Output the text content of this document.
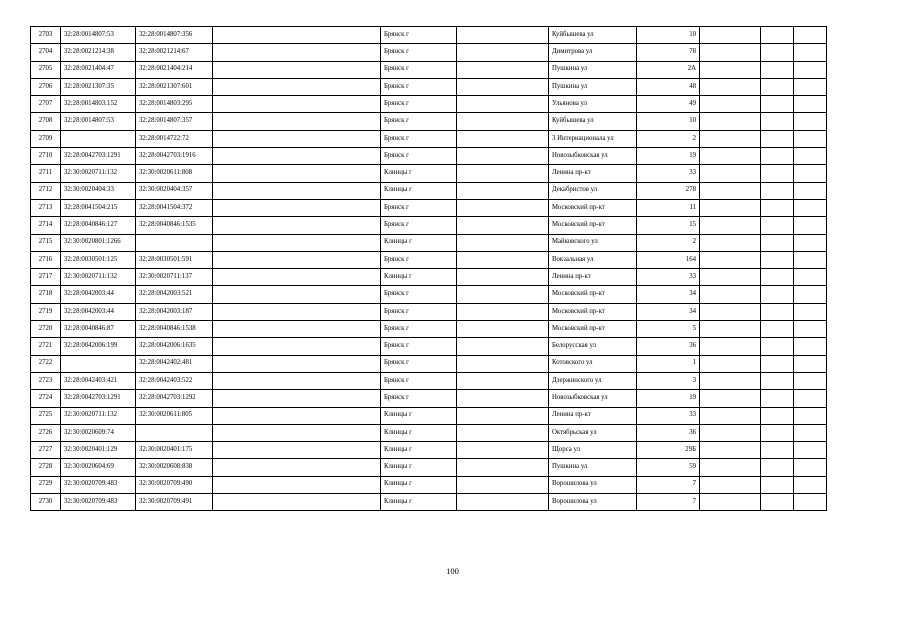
2703	32:28:0014807:53	32:28:0014807:356		Брянск г		Куйбышева ул	10			
2704	32:28:0021214:38	32:28:0021214:67		Брянск г		Димитрова ул	78			
2705	32:28:0021404:47	32:28:0021404:214		Брянск г		Пушкина ул	2А			
2706	32:28:0021307:35	32:28:0021307:601		Брянск г		Пушкина ул	48			
2707	32:28:0014803:152	32:28:0014803:295		Брянск г		Ульянова ул	49			
2708	32:28:0014807:53	32:28:0014807:357		Брянск г		Куйбышева ул	10			
2709		32:28:0014722:72		Брянск г		3 Интернационала ул	2			
2710	32:28:0042703:1291	32:28:0042703:1916		Брянск г		Новозыбковская ул	19			
2711	32:30:0020711:132	32:30:0020611:808		Клинцы г		Ленина пр-кт	33			
2712	32:30:0020404:33	32:30:0020404:357		Клинцы г		Декабристов ул	278			
2713	32:28:0041504:215	32:28:0041504:372		Брянск г		Московский пр-кт	11			
2714	32:28:0040846:127	32:28:0040846:1535		Брянск г		Московский пр-кт	15			
2715	32:30:0020801:1266			Клинцы г		Майковского ул	2			
2716	32:28:0030501:125	32:28:0030501:591		Брянск г		Вокзальная ул	164			
2717	32:30:0020711:132	32:30:0020711:137		Клинцы г		Ленина пр-кт	33			
2718	32:28:0042003:44	32:28:0042003:521		Брянск г		Московский пр-кт	34			
2719	32:28:0042003:44	32:28:0042003:187		Брянск г		Московский пр-кт	34			
2720	32:28:0040846:87	32:28:0040846:1538		Брянск г		Московский пр-кт	5			
2721	32:28:0042006:199	32:28:0042006:1635		Брянск г		Белорусская ул	36			
2722		32:28:0042402:481		Брянск г		Котовского ул	1			
2723	32:28:0042403:421	32:28:0042403:522		Брянск г		Дзержинского ул	3			
2724	32:28:0042703:1291	32:28:0042703:1292		Брянск г		Новозыбковская ул	19			
2725	32:30:0020711:132	32:30:0020611:805		Клинцы г		Ленина пр-кт	33			
2726	32:30:0020609:74			Клинцы г		Октябрьская ул	36			
2727	32:30:0020401:129	32:30:0020401:175		Клинцы г		Щорса ул	29Б			
2728	32:30:0020604:69	32:30:0020608:838		Клинцы г		Пушкина ул	59			
2729	32:30:0020709:483	32:30:0020709:490		Клинцы г		Ворошилова ул	7			
2730	32:30:0020709:483	32:30:0020709:491		Клинцы г		Ворошилова ул	7			
100
